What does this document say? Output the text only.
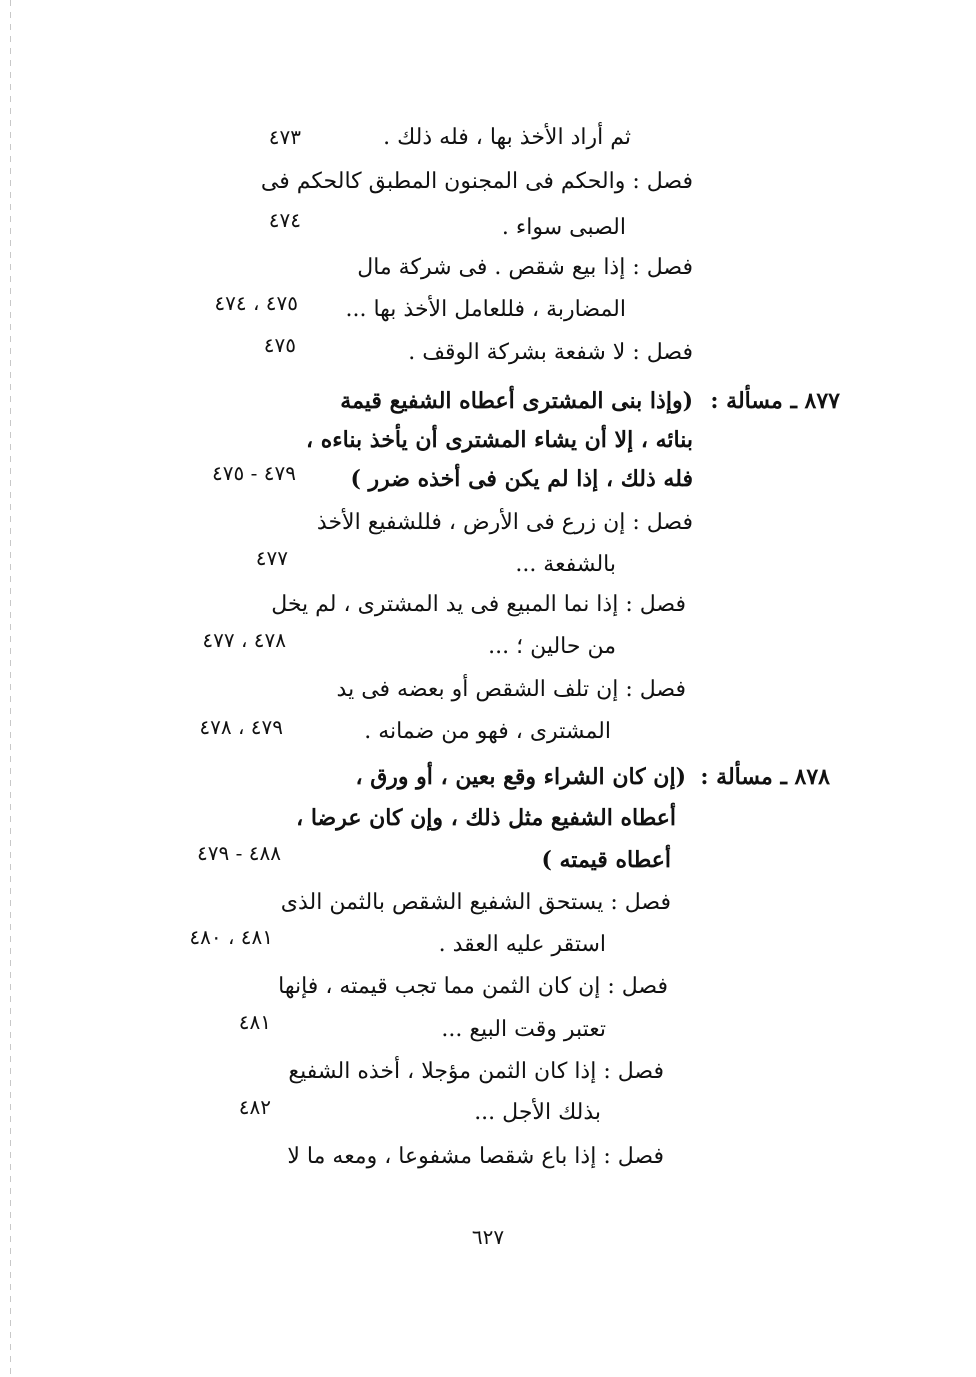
ثم أراد الأخذ بها ، فله ذلك .
فصل : والحكم فى المجنون المطبق كالحكم فى
الصبى سواء .
فصل : إذا بيع شقص . فى شركة مال
المضاربة ، فللعامل الأخذ بها ...
فصل : لا شفعة بشركة الوقف .
٨٧٧ ـ مسألة :
(وإذا بنى المشترى أعطاه الشفيع قيمة
بنائه ، إلا أن يشاء المشترى أن يأخذ بناءه ،
فله ذلك ، إذا لم يكن فى أخذه ضرر )
فصل : إن زرع فى الأرض ، فللشفيع الأخذ
بالشفعة ...
فصل : إذا نما المبيع فى يد المشترى ، لم يخل
من حالين ؛ ...
فصل : إن تلف الشقص أو بعضه فى يد
المشترى ، فهو من ضمانه .
٨٧٨ ـ مسألة :
(إن كان الشراء وقع بعين ، أو ورق ،
أعطاه الشفيع مثل ذلك ، وإن كان عرضا ،
أعطاه قيمته )
فصل : يستحق الشفيع الشقص بالثمن الذى
استقر عليه العقد .
فصل : إن كان الثمن مما تجب قيمته ، فإنها
تعتبر وقت البيع ...
فصل : إذا كان الثمن مؤجلا ، أخذه الشفيع
بذلك الأجل ...
فصل : إذا باع شقصا مشفوعا ، ومعه ما لا
٤٧٣
٤٧٤
٤٧٥ ، ٤٧٤
٤٧٥
٤٧٩ - ٤٧٥
٤٧٧
٤٧٨ ، ٤٧٧
٤٧٩ ، ٤٧٨
٤٨٨ - ٤٧٩
٤٨١ ، ٤٨٠
٤٨١
٤٨٢
٦٢٧
